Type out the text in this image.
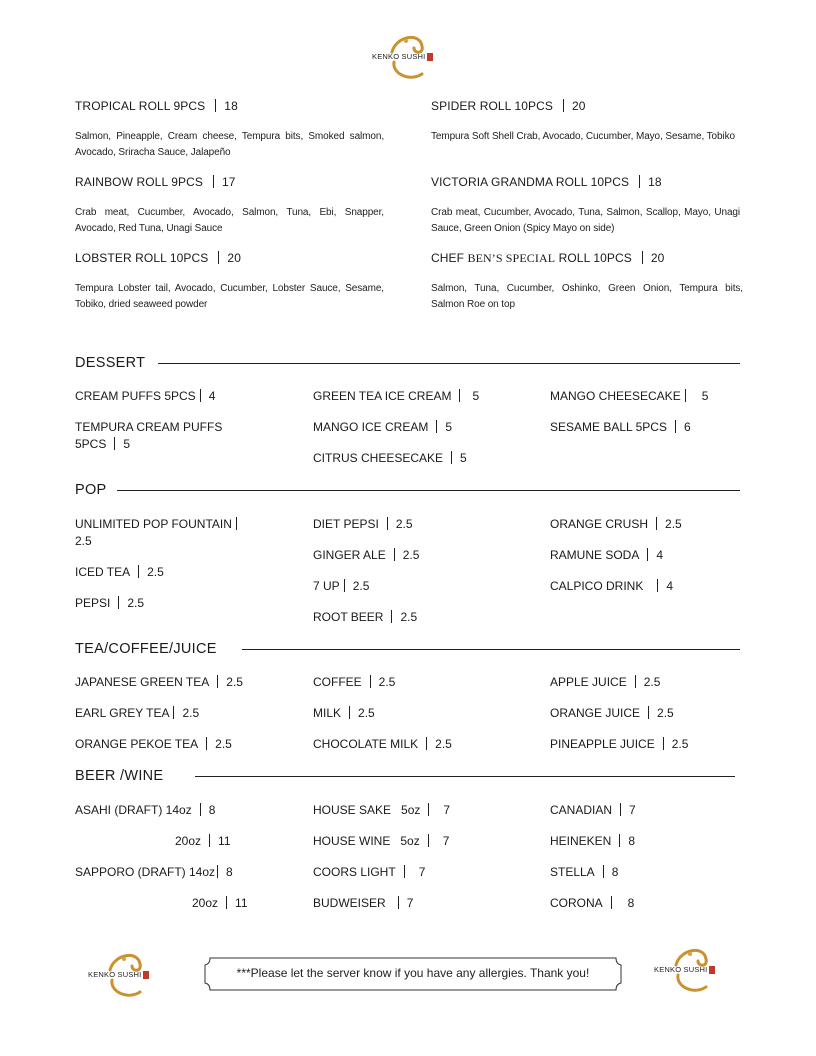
KENKO SUSHI
TROPICAL ROLL 9PCS 18
Salmon, Pineapple, Cream cheese, Tempura bits, Smoked salmon, Avocado, Sriracha Sauce, Jalapeño
SPIDER ROLL 10PCS 20
Tempura Soft Shell Crab, Avocado, Cucumber, Mayo, Sesame, Tobiko
RAINBOW ROLL 9PCS 17
Crab meat, Cucumber, Avocado, Salmon, Tuna, Ebi, Snapper, Avocado, Red Tuna, Unagi Sauce
VICTORIA GRANDMA ROLL 10PCS 18
Crab meat, Cucumber, Avocado, Tuna, Salmon, Scallop, Mayo, Unagi Sauce, Green Onion (Spicy Mayo on side)
LOBSTER ROLL 10PCS 20
Tempura Lobster tail, Avocado, Cucumber, Lobster Sauce, Sesame, Tobiko, dried seaweed powder
CHEF BEN’S SPECIAL ROLL 10PCS 20
Salmon, Tuna, Cucumber, Oshinko, Green Onion, Tempura bits, Salmon Roe on top
DESSERT
CREAM PUFFS 5PCS 4
TEMPURA CREAM PUFFS 5PCS 5
GREEN TEA ICE CREAM 5
MANGO ICE CREAM 5
CITRUS CHEESECAKE 5
MANGO CHEESECAKE 5
SESAME BALL 5PCS 6
POP
UNLIMITED POP FOUNTAIN
2.5
ICED TEA 2.5
PEPSI 2.5
DIET PEPSI 2.5
GINGER ALE 2.5
7 UP 2.5
ROOT BEER 2.5
ORANGE CRUSH 2.5
RAMUNE SODA 4
CALPICO DRINK 4
TEA/COFFEE/JUICE
JAPANESE GREEN TEA 2.5
EARL GREY TEA 2.5
ORANGE PEKOE TEA 2.5
COFFEE 2.5
MILK 2.5
CHOCOLATE MILK 2.5
APPLE JUICE 2.5
ORANGE JUICE 2.5
PINEAPPLE JUICE 2.5
BEER /WINE
ASAHI (DRAFT) 14oz 8
20oz 11
SAPPORO (DRAFT) 14oz 8
20oz 11
HOUSE SAKE   5oz 7
HOUSE WINE   5oz 7
COORS LIGHT 7
BUDWEISER 7
CANADIAN 7
HEINEKEN 8
STELLA 8
CORONA 8
KENKO SUSHI
KENKO SUSHI
***Please let the server know if you have any allergies. Thank you!
